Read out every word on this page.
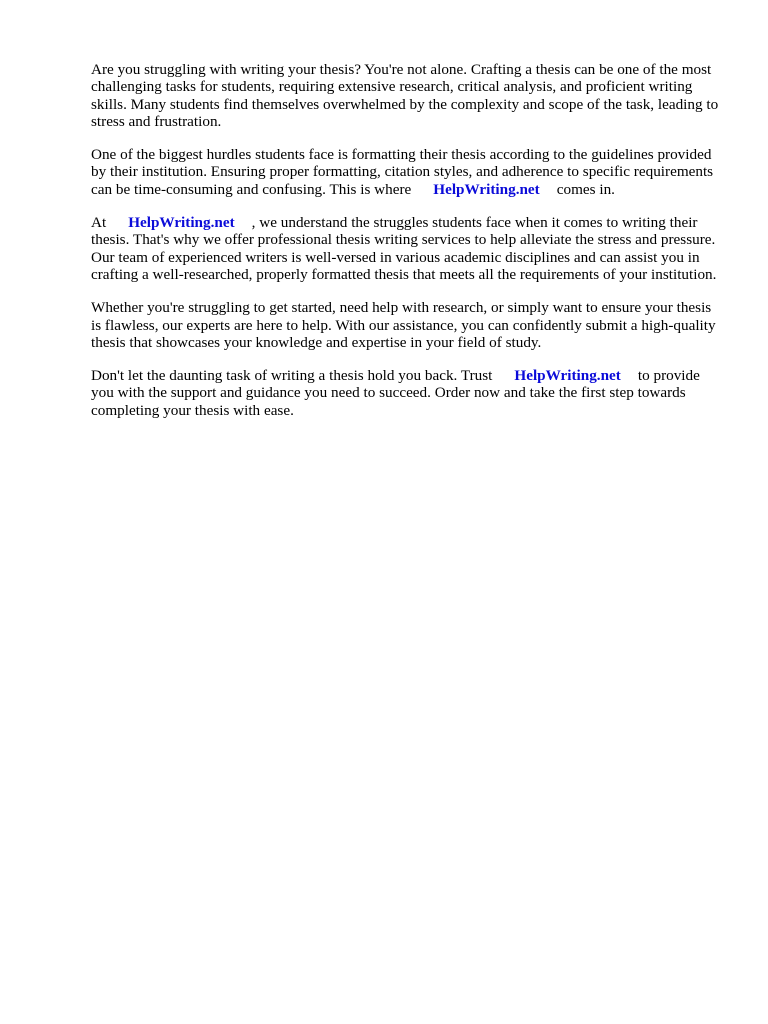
Are you struggling with writing your thesis? You're not alone. Crafting a thesis can be one of the most challenging tasks for students, requiring extensive research, critical analysis, and proficient writing skills. Many students find themselves overwhelmed by the complexity and scope of the task, leading to stress and frustration.

One of the biggest hurdles students face is formatting their thesis according to the guidelines provided by their institution. Ensuring proper formatting, citation styles, and adherence to specific requirements can be time-consuming and confusing. This is where HelpWriting.net comes in.

At HelpWriting.net , we understand the struggles students face when it comes to writing their thesis. That's why we offer professional thesis writing services to help alleviate the stress and pressure. Our team of experienced writers is well-versed in various academic disciplines and can assist you in crafting a well-researched, properly formatted thesis that meets all the requirements of your institution.

Whether you're struggling to get started, need help with research, or simply want to ensure your thesis is flawless, our experts are here to help. With our assistance, you can confidently submit a high-quality thesis that showcases your knowledge and expertise in your field of study.

Don't let the daunting task of writing a thesis hold you back. Trust HelpWriting.net to provide you with the support and guidance you need to succeed. Order now and take the first step towards completing your thesis with ease.
